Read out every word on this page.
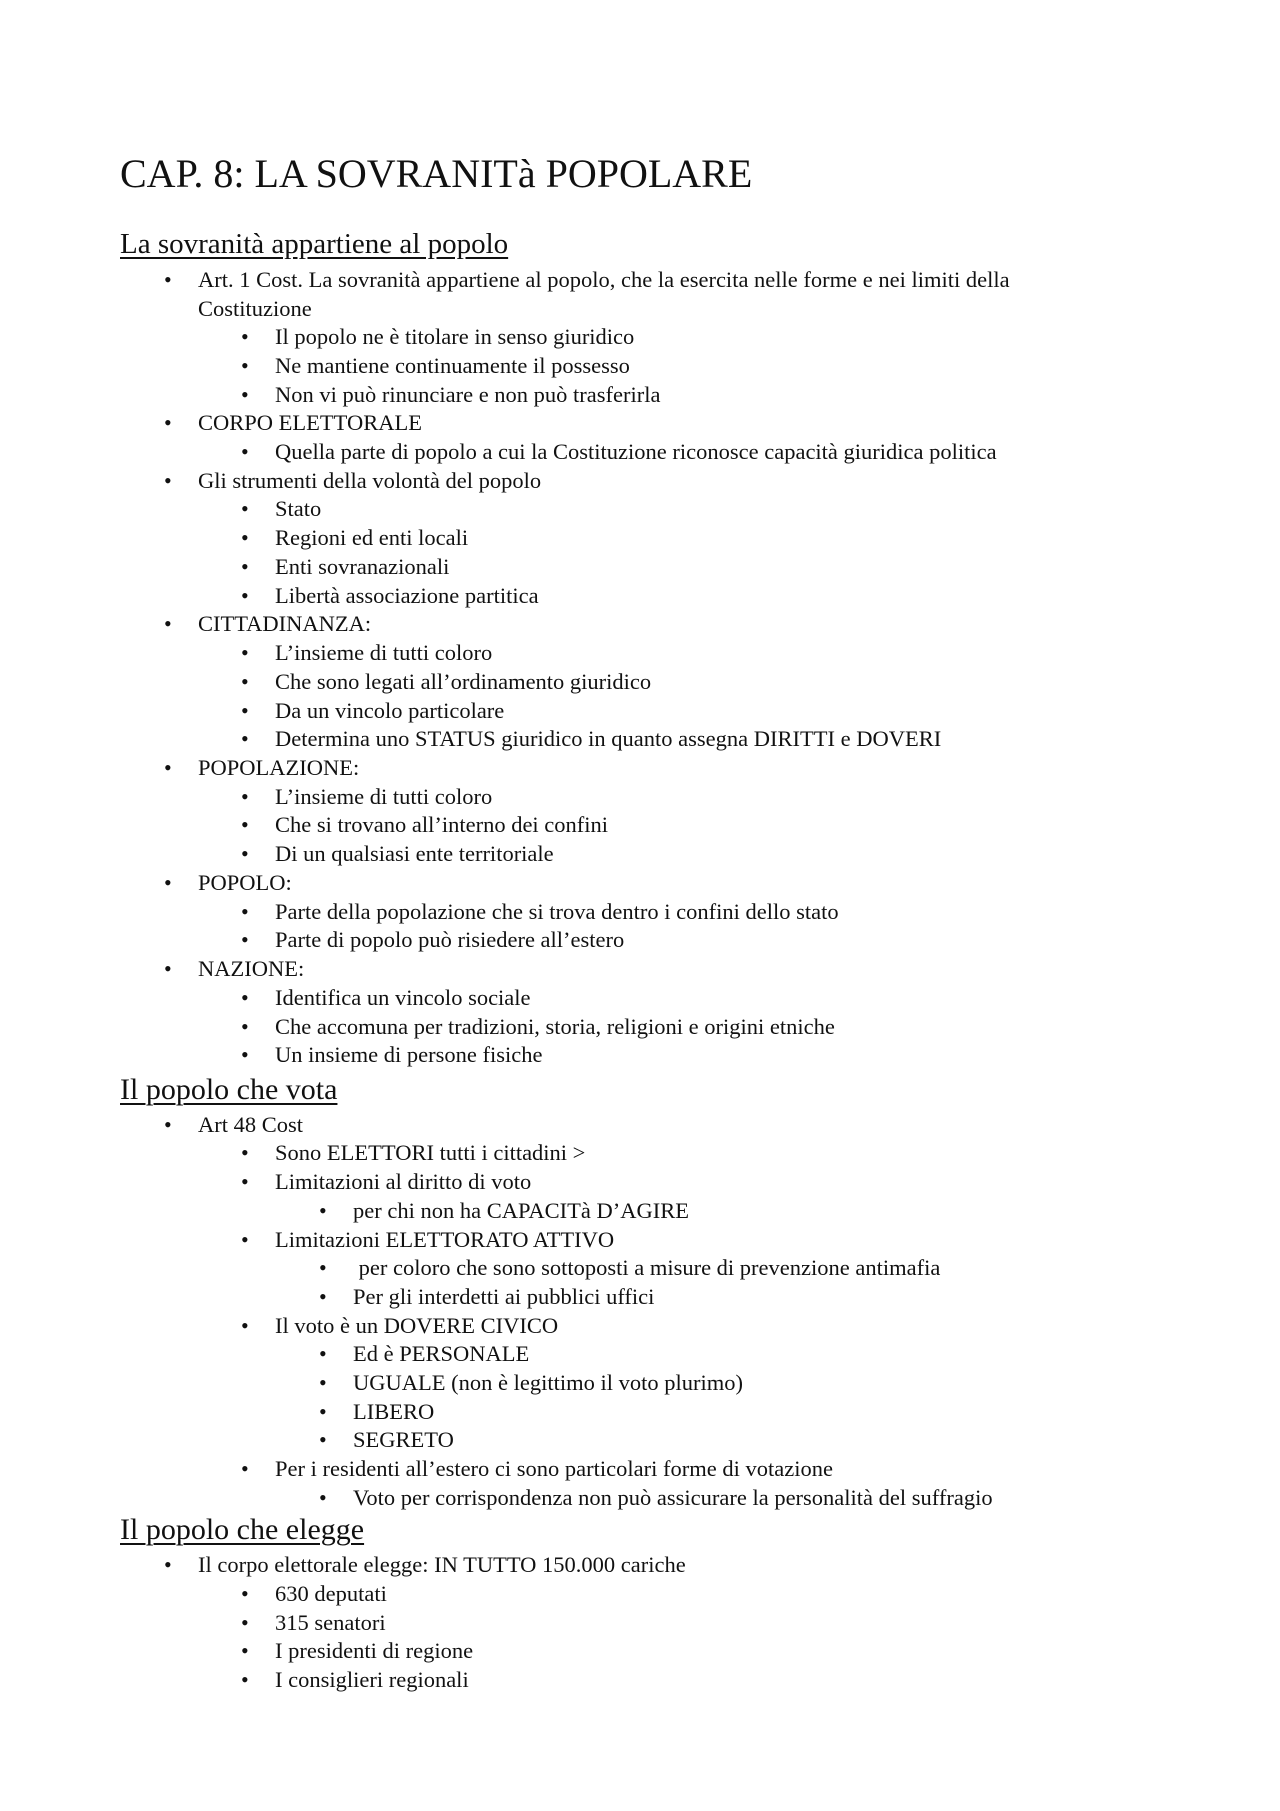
CAP. 8: LA SOVRANITà POPOLARE
La sovranità appartiene al popolo

• Art. 1 Cost. La sovranità appartiene al popolo, che la esercita nelle forme e nei limiti della

Costituzione

• Il popolo ne è titolare in senso giuridico

• Ne mantiene continuamente il possesso

• Non vi può rinunciare e non può trasferirla

• CORPO ELETTORALE

• Quella parte di popolo a cui la Costituzione riconosce capacità giuridica politica

• Gli strumenti della volontà del popolo

• Stato

• Regioni ed enti locali

• Enti sovranazionali

• Libertà associazione partitica

• CITTADINANZA:

• L’insieme di tutti coloro

• Che sono legati all’ordinamento giuridico

• Da un vincolo particolare

• Determina uno STATUS giuridico in quanto assegna DIRITTI e DOVERI

• POPOLAZIONE:

• L’insieme di tutti coloro

• Che si trovano all’interno dei confini

• Di un qualsiasi ente territoriale

• POPOLO:

• Parte della popolazione che si trova dentro i confini dello stato

• Parte di popolo può risiedere all’estero

• NAZIONE:

• Identifica un vincolo sociale

• Che accomuna per tradizioni, storia, religioni e origini etniche

• Un insieme di persone fisiche

Il popolo che vota

• Art 48 Cost

• Sono ELETTORI tutti i cittadini >

• Limitazioni al diritto di voto

• per chi non ha CAPACITà D’AGIRE

• Limitazioni ELETTORATO ATTIVO

• per coloro che sono sottoposti a misure di prevenzione antimafia

• Per gli interdetti ai pubblici uffici

• Il voto è un DOVERE CIVICO

• Ed è PERSONALE

• UGUALE (non è legittimo il voto plurimo)

• LIBERO

• SEGRETO

• Per i residenti all’estero ci sono particolari forme di votazione

• Voto per corrispondenza non può assicurare la personalità del suffragio

Il popolo che elegge

• Il corpo elettorale elegge: IN TUTTO 150.000 cariche

• 630 deputati

• 315 senatori

• I presidenti di regione

• I consiglieri regionali
